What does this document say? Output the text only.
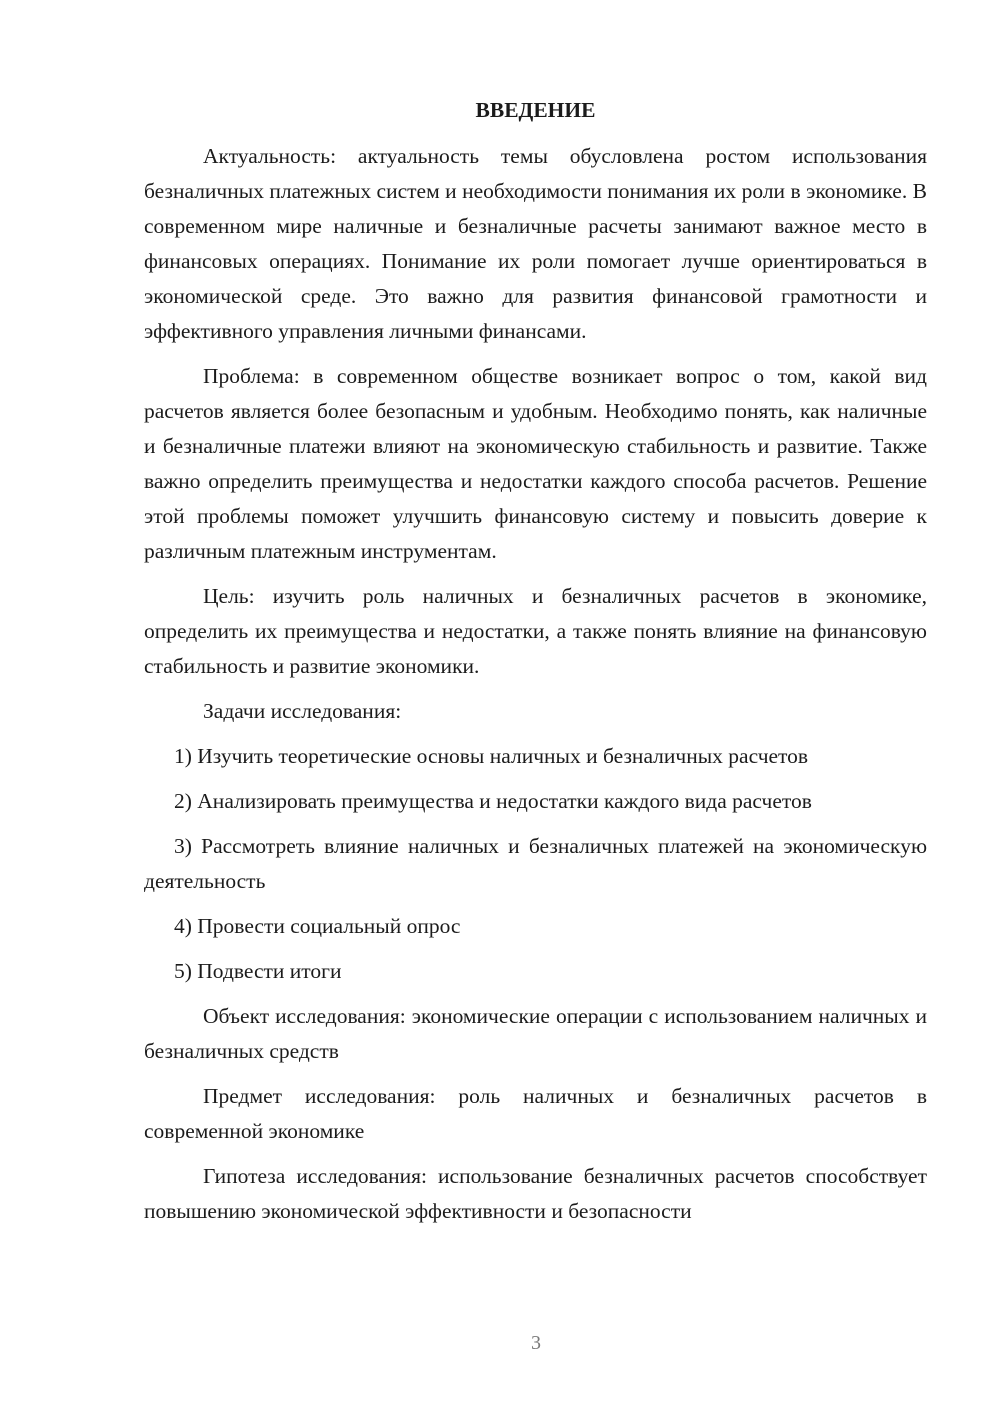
ВВЕДЕНИЕ

Актуальность: актуальность темы обусловлена ростом использования безналичных платежных систем и необходимости понимания их роли в экономике. В современном мире наличные и безналичные расчеты занимают важное место в финансовых операциях. Понимание их роли помогает лучше ориентироваться в экономической среде. Это важно для развития финансовой грамотности и эффективного управления личными финансами.

Проблема: в современном обществе возникает вопрос о том, какой вид расчетов является более безопасным и удобным. Необходимо понять, как наличные и безналичные платежи влияют на экономическую стабильность и развитие. Также важно определить преимущества и недостатки каждого способа расчетов. Решение этой проблемы поможет улучшить финансовую систему и повысить доверие к различным платежным инструментам.

Цель: изучить роль наличных и безналичных расчетов в экономике, определить их преимущества и недостатки, а также понять влияние на финансовую стабильность и развитие экономики.

Задачи исследования:

1) Изучить теоретические основы наличных и безналичных расчетов

2) Анализировать преимущества и недостатки каждого вида расчетов

3) Рассмотреть влияние наличных и безналичных платежей на экономическую деятельность

4) Провести социальный опрос

5) Подвести итоги

Объект исследования: экономические операции с использованием наличных и безналичных средств

Предмет исследования: роль наличных и безналичных расчетов в современной экономике

Гипотеза исследования: использование безналичных расчетов способствует повышению экономической эффективности и безопасности

3
